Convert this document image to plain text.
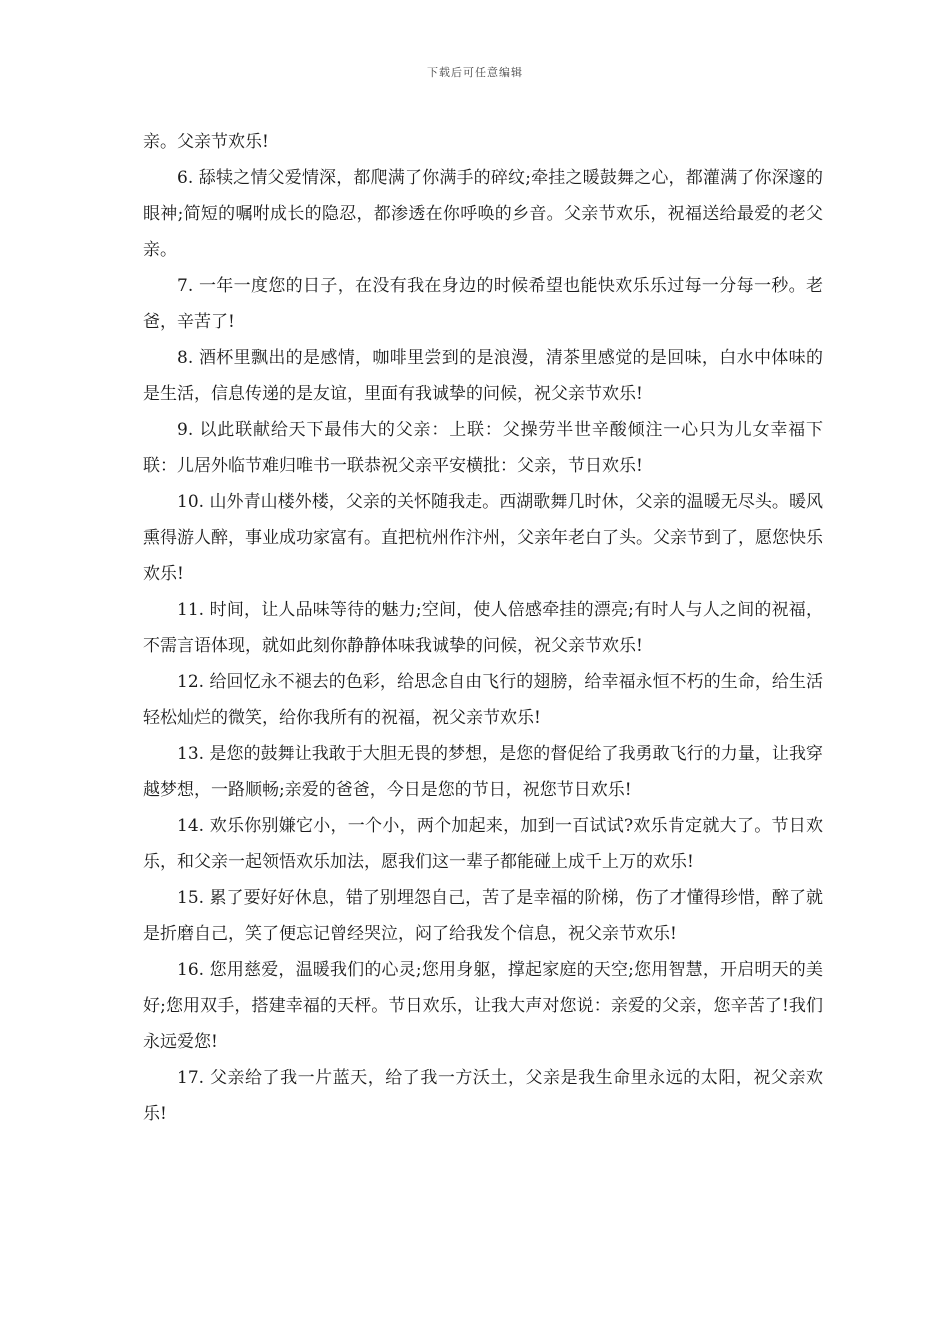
下载后可任意编辑

亲。父亲节欢乐!

6. 舔犊之情父爱情深，都爬满了你满手的碎纹;牵挂之暖鼓舞之心，都灌满了你深邃的眼神;简短的嘱咐成长的隐忍，都渗透在你呼唤的乡音。父亲节欢乐，祝福送给最爱的老父亲。

7. 一年一度您的日子，在没有我在身边的时候希望也能快欢乐乐过每一分每一秒。老爸，辛苦了!

8. 酒杯里飘出的是感情，咖啡里尝到的是浪漫，清茶里感觉的是回味，白水中体味的是生活，信息传递的是友谊，里面有我诚挚的问候，祝父亲节欢乐!

9. 以此联献给天下最伟大的父亲：上联：父操劳半世辛酸倾注一心只为儿女幸福下联：儿居外临节难归唯书一联恭祝父亲平安横批：父亲，节日欢乐!

10. 山外青山楼外楼，父亲的关怀随我走。西湖歌舞几时休，父亲的温暖无尽头。暖风熏得游人醉，事业成功家富有。直把杭州作汴州，父亲年老白了头。父亲节到了，愿您快乐欢乐!

11. 时间，让人品味等待的魅力;空间，使人倍感牵挂的漂亮;有时人与人之间的祝福，不需言语体现，就如此刻你静静体味我诚挚的问候，祝父亲节欢乐!

12. 给回忆永不褪去的色彩，给思念自由飞行的翅膀，给幸福永恒不朽的生命，给生活轻松灿烂的微笑，给你我所有的祝福，祝父亲节欢乐!

13. 是您的鼓舞让我敢于大胆无畏的梦想，是您的督促给了我勇敢飞行的力量，让我穿越梦想，一路顺畅;亲爱的爸爸，今日是您的节日，祝您节日欢乐!

14. 欢乐你别嫌它小，一个小，两个加起来，加到一百试试?欢乐肯定就大了。节日欢乐，和父亲一起领悟欢乐加法，愿我们这一辈子都能碰上成千上万的欢乐!

15. 累了要好好休息，错了别埋怨自己，苦了是幸福的阶梯，伤了才懂得珍惜，醉了就是折磨自己，笑了便忘记曾经哭泣，闷了给我发个信息，祝父亲节欢乐!

16. 您用慈爱，温暖我们的心灵;您用身躯，撑起家庭的天空;您用智慧，开启明天的美好;您用双手，搭建幸福的天枰。节日欢乐，让我大声对您说：亲爱的父亲，您辛苦了!我们永远爱您!

17. 父亲给了我一片蓝天，给了我一方沃土，父亲是我生命里永远的太阳，祝父亲欢乐!
